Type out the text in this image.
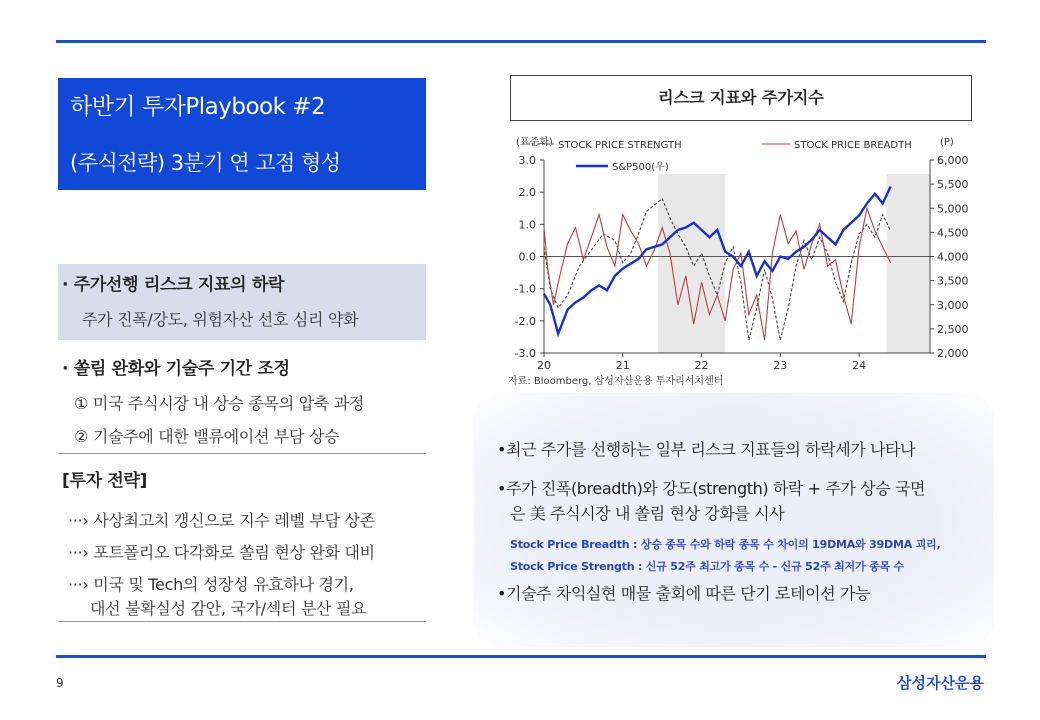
하반기 투자Playbook #2
(주식전략) 3분기 연 고점 형성
· 주가선행 리스크 지표의 하락
주가 진폭/강도, 위험자산 선호 심리 약화
· 쏠림 완화와 기술주 기간 조정
① 미국 주식시장 내 상승 종목의 압축 과정
② 기술주에 대한 밸류에이션 부담 상승
[투자 전략]
···› 사상최고치 갱신으로 지수 레벨 부담 상존
···› 포트폴리오 다각화로 쏠림 현상 완화 대비
···› 미국 및 Tech의 성장성 유효하나 경기,
대선 불확실성 감안, 국가/섹터 분산 필요
리스크 지표와 주가지수
3.0
2.0
1.0
0.0
-1.0
-2.0
-3.0
6,000
5,500
5,000
4,500
4,000
3,500
3,000
2,500
2,000
20	21	22	23	24
(표준화)	(P)
STOCK PRICE STRENGTH	STOCK PRICE BREADTH
S&P500(우)
자료: Bloomberg, 삼성자산운용 투자리서치센터
•최근 주가를 선행하는 일부 리스크 지표들의 하락세가 나타나
•주가 진폭(breadth)와 강도(strength) 하락 + 주가 상승 국면
은 美 주식시장 내 쏠림 현상 강화를 시사
Stock Price Breadth : 상승 종목 수와 하락 종목 수 차이의 19DMA와 39DMA 괴리,
Stock Price Strength : 신규 52주 최고가 종목 수 - 신규 52주 최저가 종목 수
•기술주 차익실현 매물 출회에 따른 단기 로테이션 가능
9	삼성자산운용
